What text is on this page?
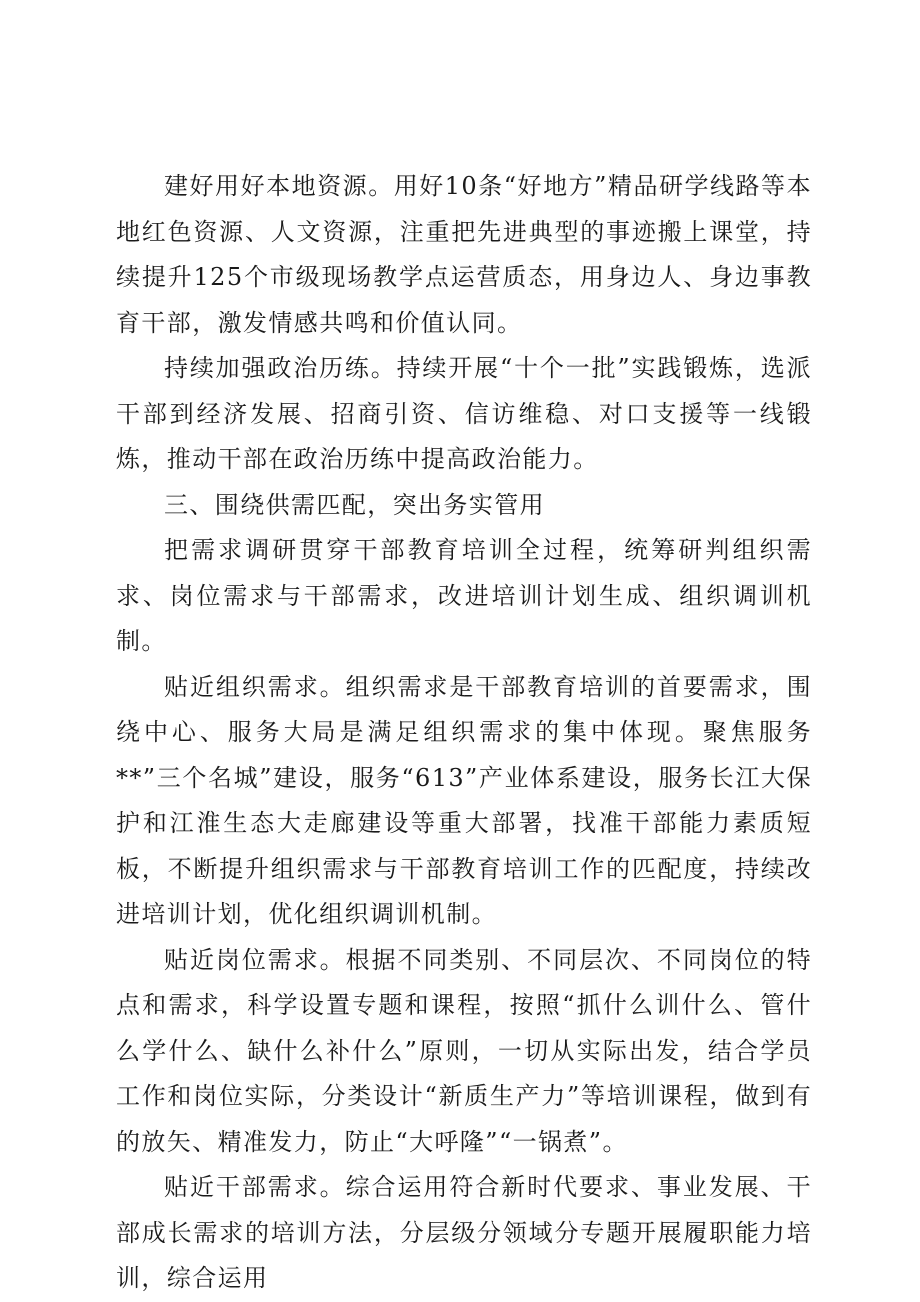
建好用好本地资源。用好10条“好地方”精品研学线路等本地红色资源、人文资源，注重把先进典型的事迹搬上课堂，持续提升125个市级现场教学点运营质态，用身边人、身边事教育干部，激发情感共鸣和价值认同。

持续加强政治历练。持续开展“十个一批”实践锻炼，选派干部到经济发展、招商引资、信访维稳、对口支援等一线锻炼，推动干部在政治历练中提高政治能力。

三、围绕供需匹配，突出务实管用

把需求调研贯穿干部教育培训全过程，统筹研判组织需求、岗位需求与干部需求，改进培训计划生成、组织调训机制。

贴近组织需求。组织需求是干部教育培训的首要需求，围绕中心、服务大局是满足组织需求的集中体现。聚焦服务**”三个名城”建设，服务“613”产业体系建设，服务长江大保护和江淮生态大走廊建设等重大部署，找准干部能力素质短板，不断提升组织需求与干部教育培训工作的匹配度，持续改进培训计划，优化组织调训机制。

贴近岗位需求。根据不同类别、不同层次、不同岗位的特点和需求，科学设置专题和课程，按照“抓什么训什么、管什么学什么、缺什么补什么”原则，一切从实际出发，结合学员工作和岗位实际，分类设计“新质生产力”等培训课程，做到有的放矢、精准发力，防止“大呼隆”“一锅煮”。

贴近干部需求。综合运用符合新时代要求、事业发展、干部成长需求的培训方法，分层级分领域分专题开展履职能力培训，综合运用
